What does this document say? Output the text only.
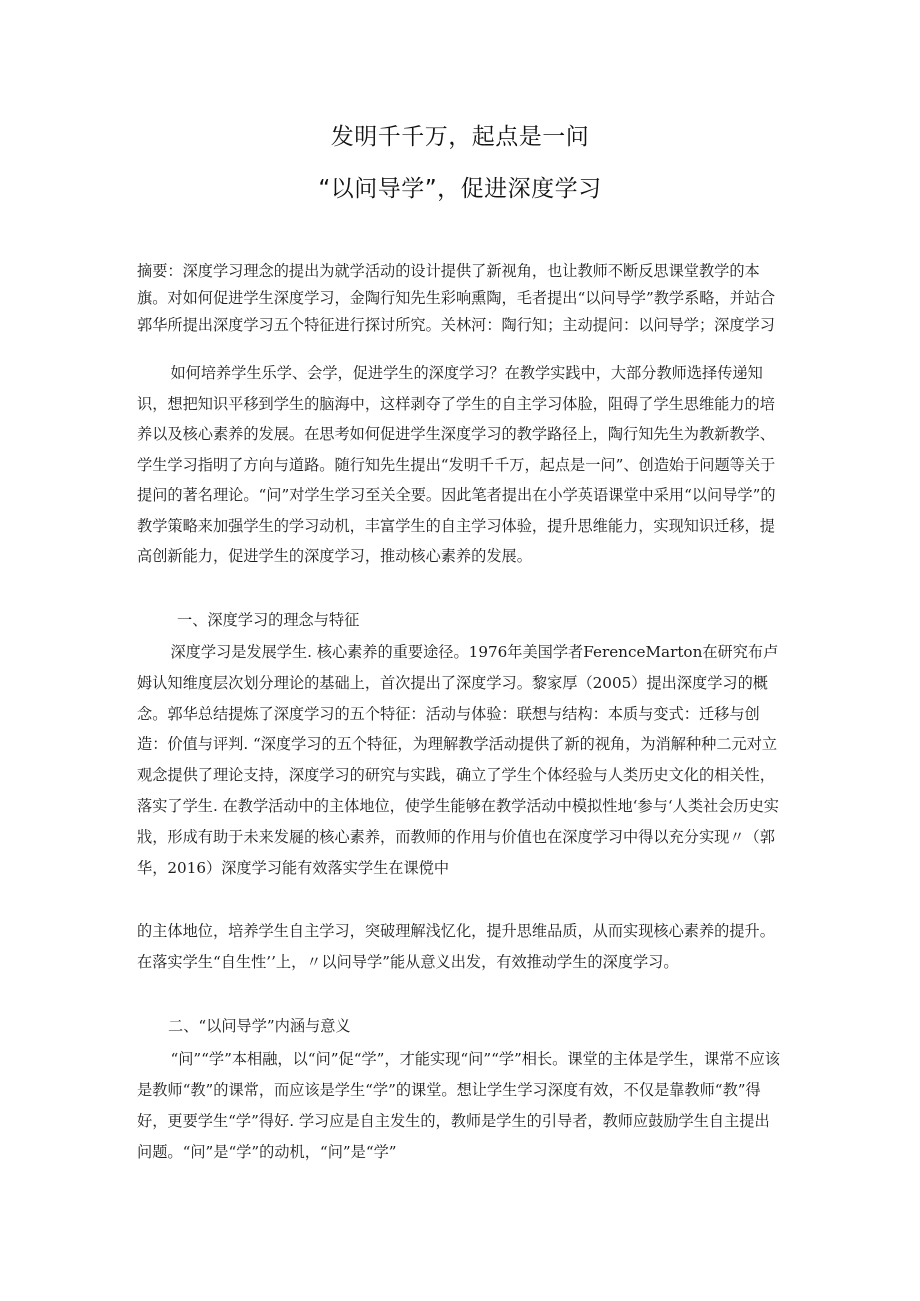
发明千千万，起点是一问
“以问导学”，促进深度学习
摘要：深度学习理念的提出为就学活动的设计提供了新视角，也让教师不断反思课堂教学的本旗。对如何促进学生深度学习，金陶行知先生彩响熏陶，毛者提出“以问导学”教学系略，并站合郭华所提出深度学习五个特征进行探讨所究。关林河：陶行知；主动提问：以问导学；深度学习
如何培养学生乐学、会学，促进学生的深度学习？在教学实践中，大部分教师选择传递知识，想把知识平移到学生的脑海中，这样剥夺了学生的自主学习体脸，阻碍了学生思维能力的培养以及核心素养的发展。在思考如何促进学生深度学习的教学路径上，陶行知先生为教新教学、学生学习指明了方向与道路。随行知先生提出“发明千千万，起点是一问”、创造始于问题等关于提问的著名理论。“问”对学生学习至关全要。因此笔者提出在小学英语课堂中采用“以问导学”的教学策略来加强学生的学习动机，丰富学生的自主学习体验，提升思维能力，实现知识迁移，提高创新能力，促进学生的深度学习，推动核心素养的发展。
一、深度学习的理念与特征
深度学习是发展学生. 核心素养的重要途径。1976年美国学者FerenceMarton在研究布卢姆认知维度层次划分理论的基础上，首次提出了深度学习。黎家厚（2005）提出深度学习的概念。郭华总结提炼了深度学习的五个特征：活动与体验：联想与结构：本质与变式：迁移与创造：价值与评判. “深度学习的五个特征，为理解教学活动提供了新的视角，为消解种种二元对立观念提供了理论支持，深度学习的研究与实践，确立了学生个体经验与人类历史文化的相关性，落实了学生. 在教学活动中的主体地位，使学生能够在教学活动中模拟性地‘参与‘人类社会历史实戕，形成有助于未来发屣的核心素养，而教师的作用与价值也在深度学习中得以充分实现〃（郭华，2016）深度学习能有效落实学生在课傥中
的主体地位，培养学生自主学习，突破理解浅忆化，提升思维品质，从而实现核心素养的提升。在落实学生“自生性’’上，〃以问导学”能从意义出发，有效推动学生的深度学习。
二、“以问导学”内涵与意义
“问”“学”本相融，以“问”促“学”，才能实现“问”“学”相长。课堂的主体是学生，课常不应该是教师“教”的课常，而应该是学生“学”的课堂。想让学生学习深度有效，不仅是靠教师“教”得好，更要学生“学”得好. 学习应是自主发生的，教师是学生的引导者，教师应鼓励学生自主提出问题。“问”是“学”的动机，“问”是“学”
